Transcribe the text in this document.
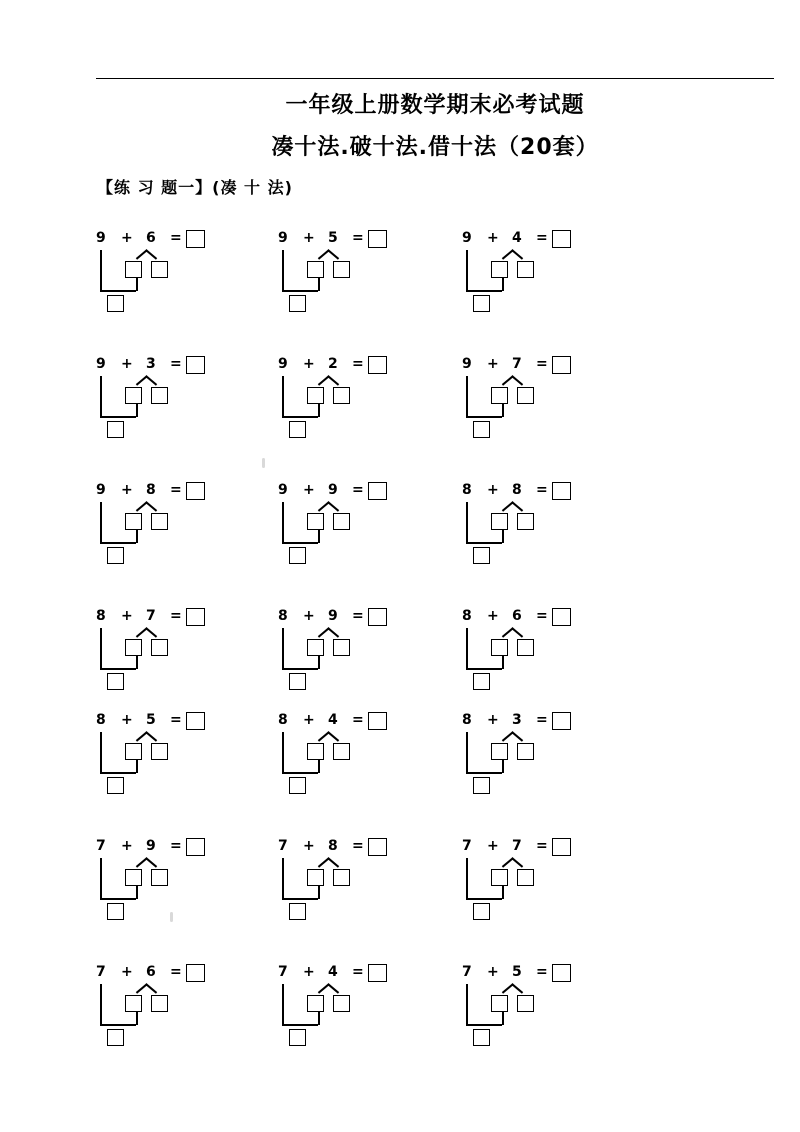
一年级上册数学期末必考试题
凑十法.破十法.借十法（20套）
【练 习 题一】(凑 十 法)
9 + 6 =	9 + 5 =	9 + 4 =
9 + 3 =	9 + 2 =	9 + 7 =
9 + 8 =	9 + 9 =	8 + 8 =
8 + 7 =	8 + 9 =	8 + 6 =
8 + 5 =	8 + 4 =	8 + 3 =
7 + 9 =	7 + 8 =	7 + 7 =
7 + 6 =	7 + 4 =	7 + 5 =
